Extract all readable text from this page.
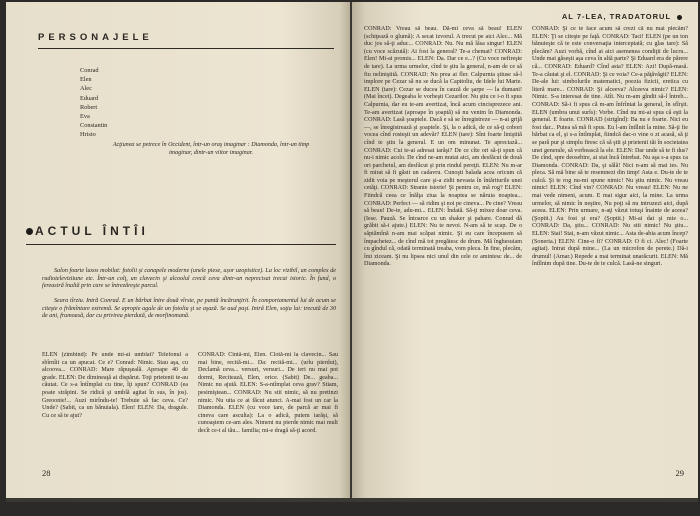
PERSONAJELE
Conrad
Elen
Alec
Eduard
Robert
Eva
Constantin
Hristo
Acţiunea se petrece în Occident, într-un oraş imaginar : Diamonda, într-un timp imaginar, dintr-un viitor imaginar.
ACTUL ÎNTÎI
Salon foarte luxos mobilat: fotolii şi canapele moderne (unele piese, ușor uzopistice). La loc vizibil, un complex de radiotelevizitune etc. Într-un colţ, un clavecin şi alcoolul crecă ceva dintr-un neprecisat trecut istoric. În fund, o fereastră înaltă prin care se întrezăreşte parcul.
Seara tîrziu. Intră Conrad. E un bărbat între două vîrste, pe pantă încărunţirii. În comportamentul lui de acum se citeşte o frămîntare extremă. Se apropie agale de un fotoliu şi se aşază. Se aud paşi. Intră Elen, soţia lui: trecută de 30 de ani, frumoasă, dar cu privirea pierdută, de morfinomană.
ELEN (zîmbind): Pe unde mi-ai umblat? Telefonul a sbîrnîit ca un apucat. Ce e? Conrad: Nimic. Stau aşa, cu alcoova... CONRAD: Mare răpuşeală. Aproape 40 de grade. ELEN: De dimineaţă ai dispărut. Toţi prietenii te-au căutat. Ce s-a întîmplat cu tine, îţi spun? CONRAD (ea poate străpini. Se ridică şi umblă agitat în sus, în jos). Greoonie!... Auzi mirîndu-te! Trebuie să fac ceva. Ce? Unde? (Sabit, ca un bănuiala). Elen! ELEN: Da, dragule. Cu ce să te ajut?
CONRAD: Cîntă-mi, Elen. Clotă-mi la clavecin... Sau mai bine, recită-mi... Da: recită-mi... (urlu pierdut), Declamă ceva... versuri, versuri... De ieri nu mai pot dormi, Recitează, Elen, orice. (Sabit) De... geaba... Nimic nu ajută. ELEN: S-a-ntîmplat ceva grav? Stiam, pesimiştean... CONRAD: Nu stii nimic, să nu pretinzi nimic. Nu uita ce ai făcut atunci. A-mai fost un car la Diamonda. ELEN (cu voce tare, de parcă ar mai fi cineva care asculta): La o adică, putem iarăşi, să cunoaştem ce-am ales. Nimeni nu pierde nimic mai mult decît ce-i al tău... familia; mi-e dragă să-ţi acord.
28
AL 7-LEA, TRADATORUL
CONRAD: Vreau să beau. Dă-mi ceva să beau! ELEN (schiţează o glumă): A secat izvorul. A trecut pe aici Alec... Mă duc jos să-ţi aduc... CONRAD: Nu. Nu mă lăsa singur! ELEN (cu voce scăzută): Ai fost la general? Te-a chemat? CONRAD: Elen! Mi-ai promis... ELEN: Da. Dar ce e...? (Cu voce nefireşte de tare). La urma urmelor, cînd te ştiu la general, n-am de ce să fiu neliniştită. CONRAD: Nu prea ai fler. Calpurnia ştiuse să-l implore pe Cezar să nu se ducă la Capitoliu, de Idele lui Marte. ELEN (tare): Cezar se ducea în cauză de şarpe — la dumani! (Mai încet). Degeaba le vorbeşti Cezarilor. Nu ştiu ce i-o fi spus Calpurnia, dar eu te-am avertizat, încă acum cincisprezece ani. Te-am avertizat (aproape în şoaptă) să nu venim în Diamonda. CONRAD: Lasă şoaptele. Dacă e să se înregistreze — n-ai grijă —, se înregistrează şi şoaptele. Şi, la o adică, de ce să-ţi cobori vocea cînd rosteşti un adevăr? ELEN (tare): Sînt foarte liniştită cînd te ştiu la general. E un om minunat. Te apreciază... CONRAD: Cui te-ai adresat iarăşi? De ce cîte ori să-ţi spun că nu-i nimic acolo. De cînd ne-am mutat aici, am desfăcut de două ori parchetul, am desfăcut şi prin rindul pereţii. ELEN: Nu m-ar fi mirat să fi găsit un cadavru. Cunoşti balada acea oricum că zidit voia pe meşterul care şi-a zidit nevasta în întăriturile unei cetăţi. CONRAD: Stranie istorie! Şi pentru ce, mă rog? ELEN: Fiindcă ceea ce înălţa ziua la noaptea se năruia noaptea... CONRAD: Perfect — să ridim şi noi pe cineva... Pe cine? Vreau să beau! De-te, adu-mi... ELEN: Îndată. Să-ţi mixez doar ceva. (Iese. Pauză. Se întoarce cu un shaker şi pahare. Conrad dă grăbit să-i ajute.) ELEN: Nu te nevoi. N-am să te scap. De o săptămînă n-am mai scăpat nimic. Şi eu care începusem să împachetez... de cînd mă tot pregătesc de drum. Mă înghesuiam cu gîndul că, odată terminată treaba, vom pleca. În fine, plecăm, îmi ziceam. Şi nu lipsea nici unul din cele ce amintesc de... de Diamonda.
CONRAD: Şi ce te face acum să crezi că nu mai plecăm? ELEN: Ţi se citeşte pe faţă. CONRAD: Taci! ELEN (pe un ton bănuieşte că te este conversaţia interceptată; cu glas tare): Să plecăm? Auzi vorbă, cînd ai aici asemenea condiţii de lucru... Unde mai găseşti aşa ceva în altă parte? Şi Eduard era de părere că... CONRAD: Eduard? Cînd asta? ELEN: Azi! După-masă. Te-a căutat şi el. CONRAD: Şi ce voia? Ce-a păţăvăgit? ELEN: De-ale lui: simbolurile matematici, poezia fizicii, eretica cu literă mare... CONRAD: Şi alceeva? Alceeva nimic? ELEN: Nimic. S-a interesat de tine. Atît. Nu m-am gîndit să-l întreb... CONRAD: Să-i fi spus că m-am înfrîntat la general, în sfîrşit. ELEN (umbra unui surîs): Vorbe. Cînd nu mi-ai spus că eşti la general. E foarte. CONRAD (strigînd): Ba nu e foarte. Nici eu fost dar... Putea să mă fi spus. Eu l-am întîlnit la mine. Să-ţi fie bărbat ca el, şi s-a întîmplat, fiindcă dac-o vine o zi acasă, să ţi se pară pur şi simplu firesc că să ştii şi prietenii tăi în societatea unei generale, să vorbească la ele. ELEN: Dar unde să te fi dus? De cînd, spre deosebire, ai stat încă întrebat. Nu aşa s-a spus ca Diamonda. CONRAD: Da, şi sălă! Nici n-am să mai ies. Nu pleca. Să mă bine să te resemnezi din timp! Asta e. Du-te de te culcă. Şi te rog nu-mi spune nimic! Nu ştiu nimic. Nu vreau nimic! ELEN: Cînd vin? CONRAD: Nu vreau! ELEN: Nu ne mai vede nimeni, acum. E mai sigur aici, la mine. La urma urmelor, să nimic în neştire, Nu poţi să nu intruzezi aici, după aceea. ELEN: Prin urmare, n-aţi văzut totuşi înainte de aceea? (Şoptit.) Au fost şi era? (Şoptit.) Mi-ai dat şi mie o... CONRAD: Da, ştiu... CONRAD: Nu stii nimic! Nu ştiu... ELEN: Stai! Stai, n-am văzut nimic... Asta de-abia acum încep? (Soneria.) ELEN: Cine-o fi? CONRAD: O fi ci. Alec! (Foarte agitat). Intrat după mine... (La un microfon de perete.) Dă-i drumul! (Amar.) Repede a mai terminat unarăcurit. ELEN: Mă întîlnim după tine. Du-te de te culcă. Lasă-ne singuri.
29
